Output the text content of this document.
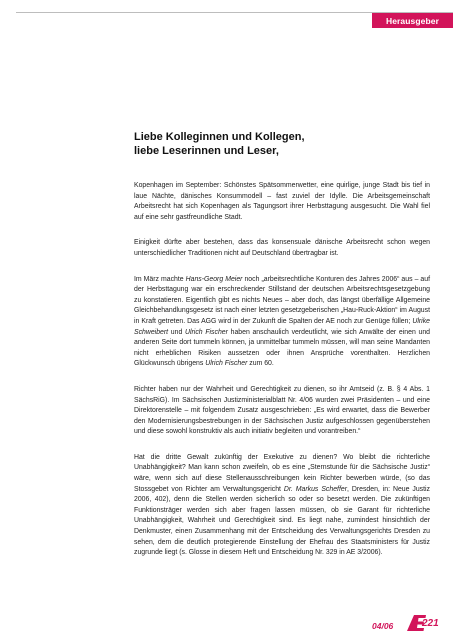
Herausgeber
Liebe Kolleginnen und Kollegen,
liebe Leserinnen und Leser,

Kopenhagen im September: Schönstes Spätsommerwetter, eine quirlige, junge Stadt bis tief in laue Nächte, dänisches Konsummodell – fast zuviel der Idylle. Die Arbeitsgemeinschaft Arbeitsrecht hat sich Kopenhagen als Tagungsort ihrer Herbsttagung ausgesucht. Die Wahl fiel auf eine sehr gastfreundliche Stadt.

Einigkeit dürfte aber bestehen, dass das konsensuale dänische Arbeitsrecht schon wegen unterschiedlicher Traditionen nicht auf Deutschland übertragbar ist.

Im März machte Hans-Georg Meier noch „arbeitsrechtliche Konturen des Jahres 2006“ aus – auf der Herbsttagung war ein erschreckender Stillstand der deutschen Arbeitsrechtsgesetzgebung zu konstatieren. Eigentlich gibt es nichts Neues – aber doch, das längst überfällige Allgemeine Gleichbehandlungsgesetz ist nach einer letzten gesetzgeberischen „Hau-Ruck-Aktion“ im August in Kraft getreten. Das AGG wird in der Zukunft die Spalten der AE noch zur Genüge füllen; Ulrike Schweibert und Ulrich Fischer haben anschaulich verdeutlicht, wie sich Anwälte der einen und anderen Seite dort tummeln können, ja unmittelbar tummeln müssen, will man seine Mandanten nicht erheblichen Risiken aussetzen oder ihnen Ansprüche vorenthalten. Herzlichen Glückwunsch übrigens Ulrich Fischer zum 60.

Richter haben nur der Wahrheit und Gerechtigkeit zu dienen, so ihr Amtseid (z. B. § 4 Abs. 1 SächsRiG). Im Sächsischen Justizministerialblatt Nr. 4/06 wurden zwei Präsidenten – und eine Direktorenstelle – mit folgendem Zusatz ausgeschrieben: „Es wird erwartet, dass die Bewerber den Modernisierungsbestrebungen in der Sächsischen Justiz aufgeschlossen gegenüberstehen und diese sowohl konstruktiv als auch initiativ begleiten und vorantreiben.“

Hat die dritte Gewalt zukünftig der Exekutive zu dienen? Wo bleibt die richterliche Unabhängigkeit? Man kann schon zweifeln, ob es eine „Sternstunde für die Sächsische Justiz“ wäre, wenn sich auf diese Stellenausschreibungen kein Richter bewerben würde, (so das Stossgebet von Richter am Verwaltungsgericht Dr. Markus Scheffer, Dresden, in: Neue Justiz 2006, 402), denn die Stellen werden sicherlich so oder so besetzt werden. Die zukünftigen Funktionsträger werden sich aber fragen lassen müssen, ob sie Garant für richterliche Unabhängigkeit, Wahrheit und Gerechtigkeit sind. Es liegt nahe, zumindest hinsichtlich der Denkmuster, einen Zusammenhang mit der Entscheidung des Verwaltungsgerichts Dresden zu sehen, dem die deutlich protegierende Einstellung der Ehefrau des Staatsministers für Justiz zugrunde liegt (s. Glosse in diesem Heft und Entscheidung Nr. 329 in AE 3/2006).

04/06	221
